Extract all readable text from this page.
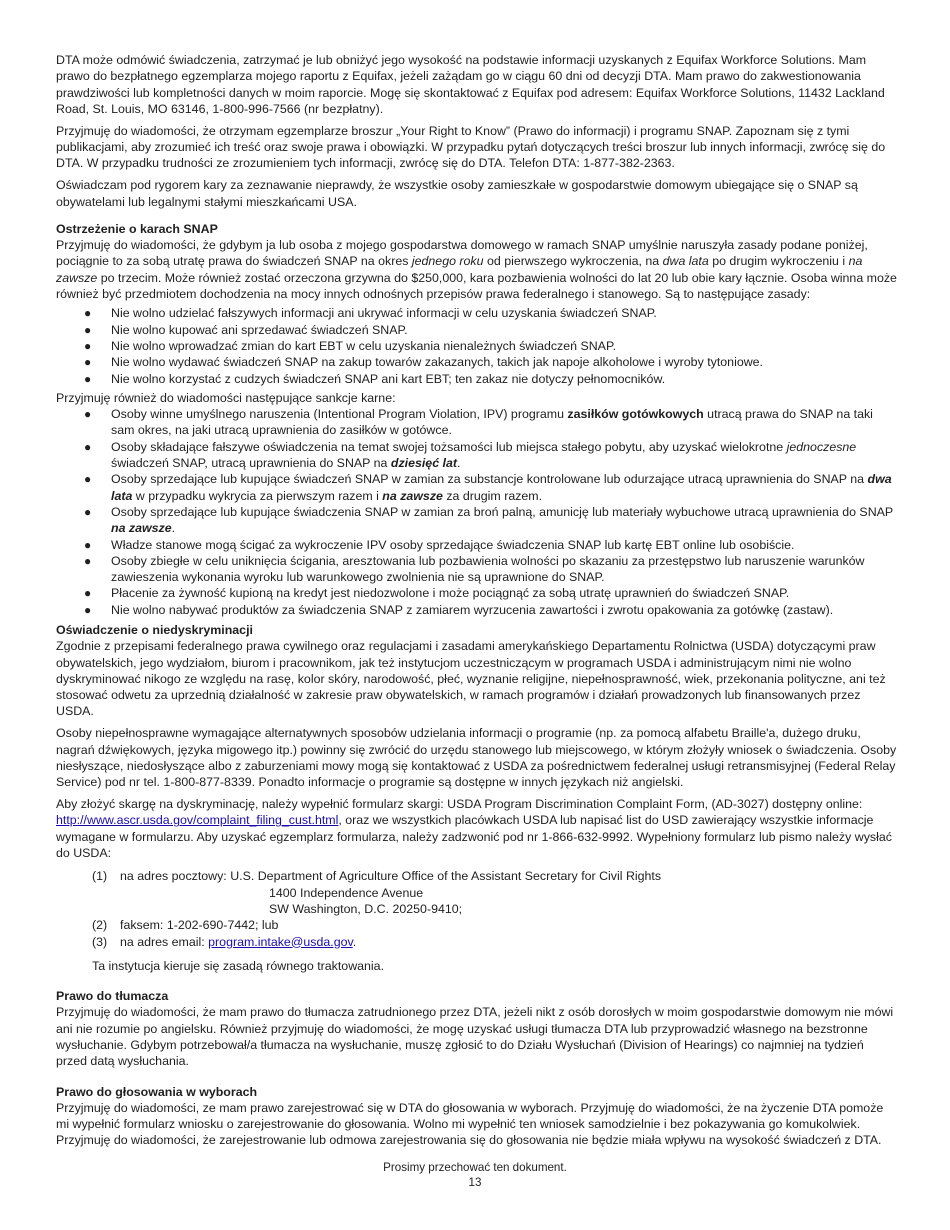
DTA może odmówić świadczenia, zatrzymać je lub obniżyć jego wysokość na podstawie informacji uzyskanych z Equifax Workforce Solutions. Mam prawo do bezpłatnego egzemplarza mojego raportu z Equifax, jeżeli zażądam go w ciągu 60 dni od decyzji DTA. Mam prawo do zakwestionowania prawdziwości lub kompletności danych w moim raporcie. Mogę się skontaktować z Equifax pod adresem: Equifax Workforce Solutions, 11432 Lackland Road, St. Louis, MO 63146, 1-800-996-7566 (nr bezpłatny).

Przyjmuję do wiadomości, że otrzymam egzemplarze broszur „Your Right to Know” (Prawo do informacji) i programu SNAP. Zapoznam się z tymi publikacjami, aby zrozumieć ich treść oraz swoje prawa i obowiązki. W przypadku pytań dotyczących treści broszur lub innych informacji, zwrócę się do DTA. W przypadku trudności ze zrozumieniem tych informacji, zwrócę się do DTA. Telefon DTA: 1-877-382-2363.

Oświadczam pod rygorem kary za zeznawanie nieprawdy, że wszystkie osoby zamieszkałe w gospodarstwie domowym ubiegające się o SNAP są obywatelami lub legalnymi stałymi mieszkańcami USA.

Ostrzeżenie o karach SNAP

Przyjmuję do wiadomości, że gdybym ja lub osoba z mojego gospodarstwa domowego w ramach SNAP umyślnie naruszyła zasady podane poniżej, pociągnie to za sobą utratę prawa do świadczeń SNAP na okres jednego roku od pierwszego wykroczenia, na dwa lata po drugim wykroczeniu i na zawsze po trzecim. Może również zostać orzeczona grzywna do $250,000, kara pozbawienia wolności do lat 20 lub obie kary łącznie. Osoba winna może również być przedmiotem dochodzenia na mocy innych odnośnych przepisów prawa federalnego i stanowego. Są to następujące zasady:

● Nie wolno udzielać fałszywych informacji ani ukrywać informacji w celu uzyskania świadczeń SNAP.
● Nie wolno kupować ani sprzedawać świadczeń SNAP.
● Nie wolno wprowadzać zmian do kart EBT w celu uzyskania nienależnych świadczeń SNAP.
● Nie wolno wydawać świadczeń SNAP na zakup towarów zakazanych, takich jak napoje alkoholowe i wyroby tytoniowe.
● Nie wolno korzystać z cudzych świadczeń SNAP ani kart EBT; ten zakaz nie dotyczy pełnomocników.

Przyjmuję również do wiadomości następujące sankcje karne:

● Osoby winne umyślnego naruszenia (Intentional Program Violation, IPV) programu zasiłków gotówkowych utracą prawa do SNAP na taki sam okres, na jaki utracą uprawnienia do zasiłków w gotówce.
● Osoby składające fałszywe oświadczenia na temat swojej tożsamości lub miejsca stałego pobytu, aby uzyskać wielokrotne jednoczesne świadczeń SNAP, utracą uprawnienia do SNAP na dziesięć lat.
● Osoby sprzedające lub kupujące świadczeń SNAP w zamian za substancje kontrolowane lub odurzające utracą uprawnienia do SNAP na dwa lata w przypadku wykrycia za pierwszym razem i na zawsze za drugim razem.
● Osoby sprzedające lub kupujące świadczenia SNAP w zamian za broń palną, amunicję lub materiały wybuchowe utracą uprawnienia do SNAP na zawsze.
● Władze stanowe mogą ścigać za wykroczenie IPV osoby sprzedające świadczenia SNAP lub kartę EBT online lub osobiście.
● Osoby zbiegłe w celu uniknięcia ścigania, aresztowania lub pozbawienia wolności po skazaniu za przestępstwo lub naruszenie warunków zawieszenia wykonania wyroku lub warunkowego zwolnienia nie są uprawnione do SNAP.
● Płacenie za żywność kupioną na kredyt jest niedozwolone i może pociągnąć za sobą utratę uprawnień do świadczeń SNAP.
● Nie wolno nabywać produktów za świadczenia SNAP z zamiarem wyrzucenia zawartości i zwrotu opakowania za gotówkę (zastaw).
Oświadczenie o niedyskryminacji

Zgodnie z przepisami federalnego prawa cywilnego oraz regulacjami i zasadami amerykańskiego Departamentu Rolnictwa (USDA) dotyczącymi praw obywatelskich, jego wydziałom, biurom i pracownikom, jak też instytucjom uczestniczącym w programach USDA i administrującym nimi nie wolno dyskryminować nikogo ze względu na rasę, kolor skóry, narodowość, płeć, wyznanie religijne, niepełnosprawność, wiek, przekonania polityczne, ani też stosować odwetu za uprzednią działalność w zakresie praw obywatelskich, w ramach programów i działań prowadzonych lub finansowanych przez USDA.

Osoby niepełnosprawne wymagające alternatywnych sposobów udzielania informacji o programie (np. za pomocą alfabetu Braille'a, dużego druku, nagrań dźwiękowych, języka migowego itp.) powinny się zwrócić do urzędu stanowego lub miejscowego, w którym złożyły wniosek o świadczenia. Osoby niesłyszące, niedosłyszące albo z zaburzeniami mowy mogą się kontaktować z USDA za pośrednictwem federalnej usługi retransmisyjnej (Federal Relay Service) pod nr tel. 1-800-877-8339. Ponadto informacje o programie są dostępne w innych językach niż angielski.

Aby złożyć skargę na dyskryminację, należy wypełnić formularz skargi: USDA Program Discrimination Complaint Form, (AD-3027) dostępny online: http://www.ascr.usda.gov/complaint_filing_cust.html, oraz we wszystkich placówkach USDA lub napisać list do USD zawierający wszystkie informacje wymagane w formularzu. Aby uzyskać egzemplarz formularza, należy zadzwonić pod nr 1-866-632-9992. Wypełniony formularz lub pismo należy wysłać do USDA:

(1)	na adres pocztowy: U.S. Department of Agriculture Office of the Assistant Secretary for Civil Rights
1400 Independence Avenue
SW Washington, D.C. 20250-9410;
(2)	faksem: 1-202-690-7442; lub
(3)	na adres email: program.intake@usda.gov.
Ta instytucja kieruje się zasadą równego traktowania.
Prawo do tłumacza

Przyjmuję do wiadomości, że mam prawo do tłumacza zatrudnionego przez DTA, jeżeli nikt z osób dorosłych w moim gospodarstwie domowym nie mówi ani nie rozumie po angielsku. Również przyjmuję do wiadomości, że mogę uzyskać usługi tłumacza DTA lub przyprowadzić własnego na bezstronne wysłuchanie. Gdybym potrzebował/a tłumacza na wysłuchanie, muszę zgłosić to do Działu Wysłuchań (Division of Hearings) co najmniej na tydzień przed datą wysłuchania.

Prawo do głosowania w wyborach

Przyjmuję do wiadomości, ze mam prawo zarejestrować się w DTA do głosowania w wyborach. Przyjmuję do wiadomości, że na życzenie DTA pomoże mi wypełnić formularz wniosku o zarejestrowanie do głosowania. Wolno mi wypełnić ten wniosek samodzielnie i bez pokazywania go komukolwiek. Przyjmuję do wiadomości, że zarejestrowanie lub odmowa zarejestrowania się do głosowania nie będzie miała wpływu na wysokość świadczeń z DTA.

Prosimy przechować ten dokument.
13
